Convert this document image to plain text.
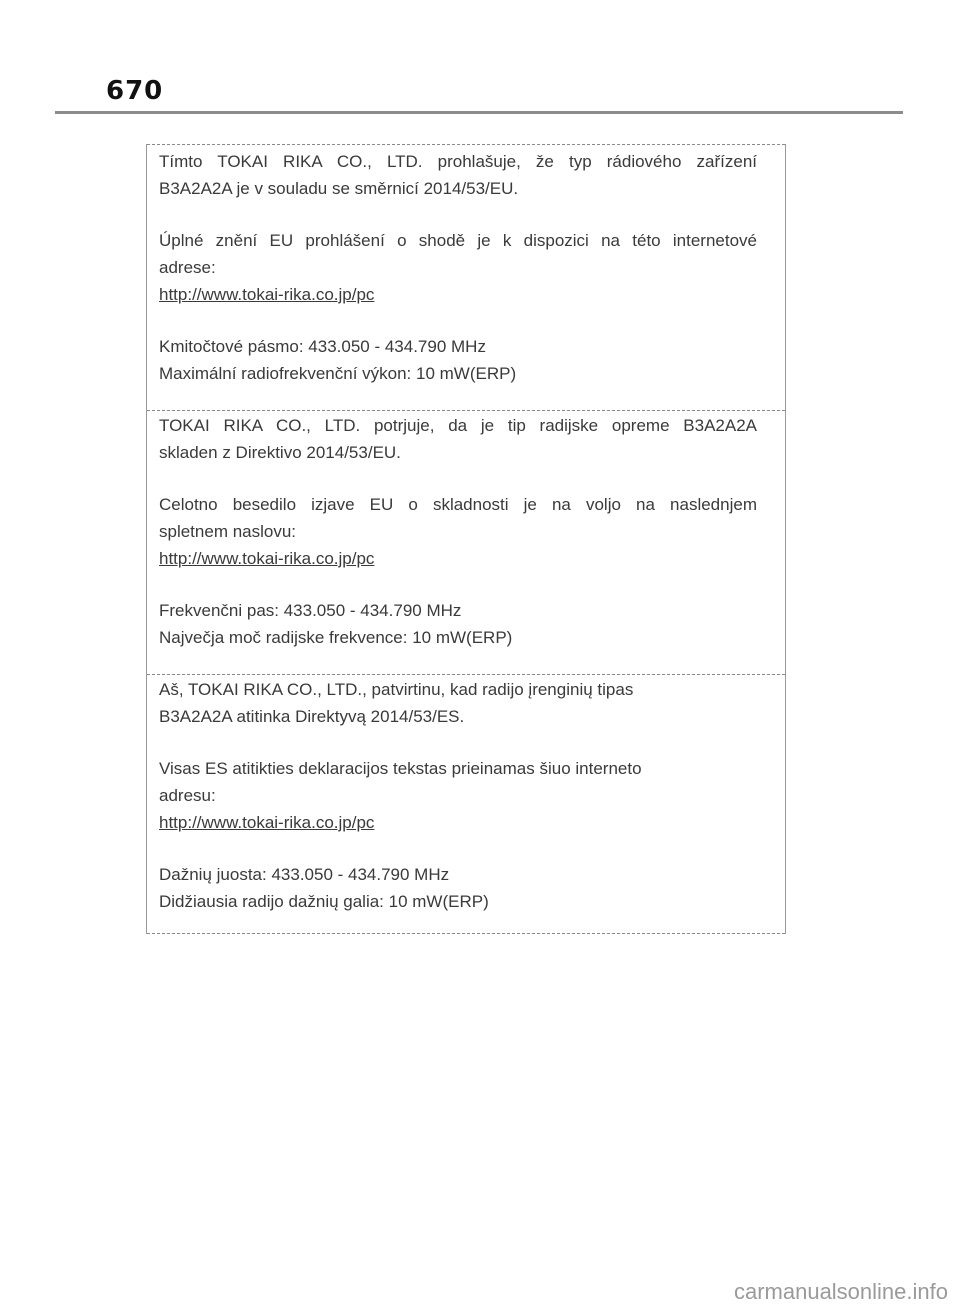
670
Tímto TOKAI RIKA CO., LTD. prohlašuje, že typ rádiového zařízení
B3A2A2A je v souladu se směrnicí 2014/53/EU.
Úplné znění EU prohlášení o shodě je k dispozici na této internetové
adrese:
http://www.tokai-rika.co.jp/pc
Kmitočtové pásmo: 433.050 - 434.790 MHz
Maximální radiofrekvenční výkon: 10 mW(ERP)
TOKAI RIKA CO., LTD. potrjuje, da je tip radijske opreme B3A2A2A
skladen z Direktivo 2014/53/EU.
Celotno besedilo izjave EU o skladnosti je na voljo na naslednjem
spletnem naslovu:
http://www.tokai-rika.co.jp/pc
Frekvenčni pas: 433.050 - 434.790 MHz
Največja moč radijske frekvence: 10 mW(ERP)
Aš, TOKAI RIKA CO., LTD., patvirtinu, kad radijo įrenginių tipas
B3A2A2A atitinka Direktyvą 2014/53/ES.
Visas ES atitikties deklaracijos tekstas prieinamas šiuo interneto
adresu:
http://www.tokai-rika.co.jp/pc
Dažnių juosta: 433.050 - 434.790 MHz
Didžiausia radijo dažnių galia: 10 mW(ERP)
carmanualsonline.info
